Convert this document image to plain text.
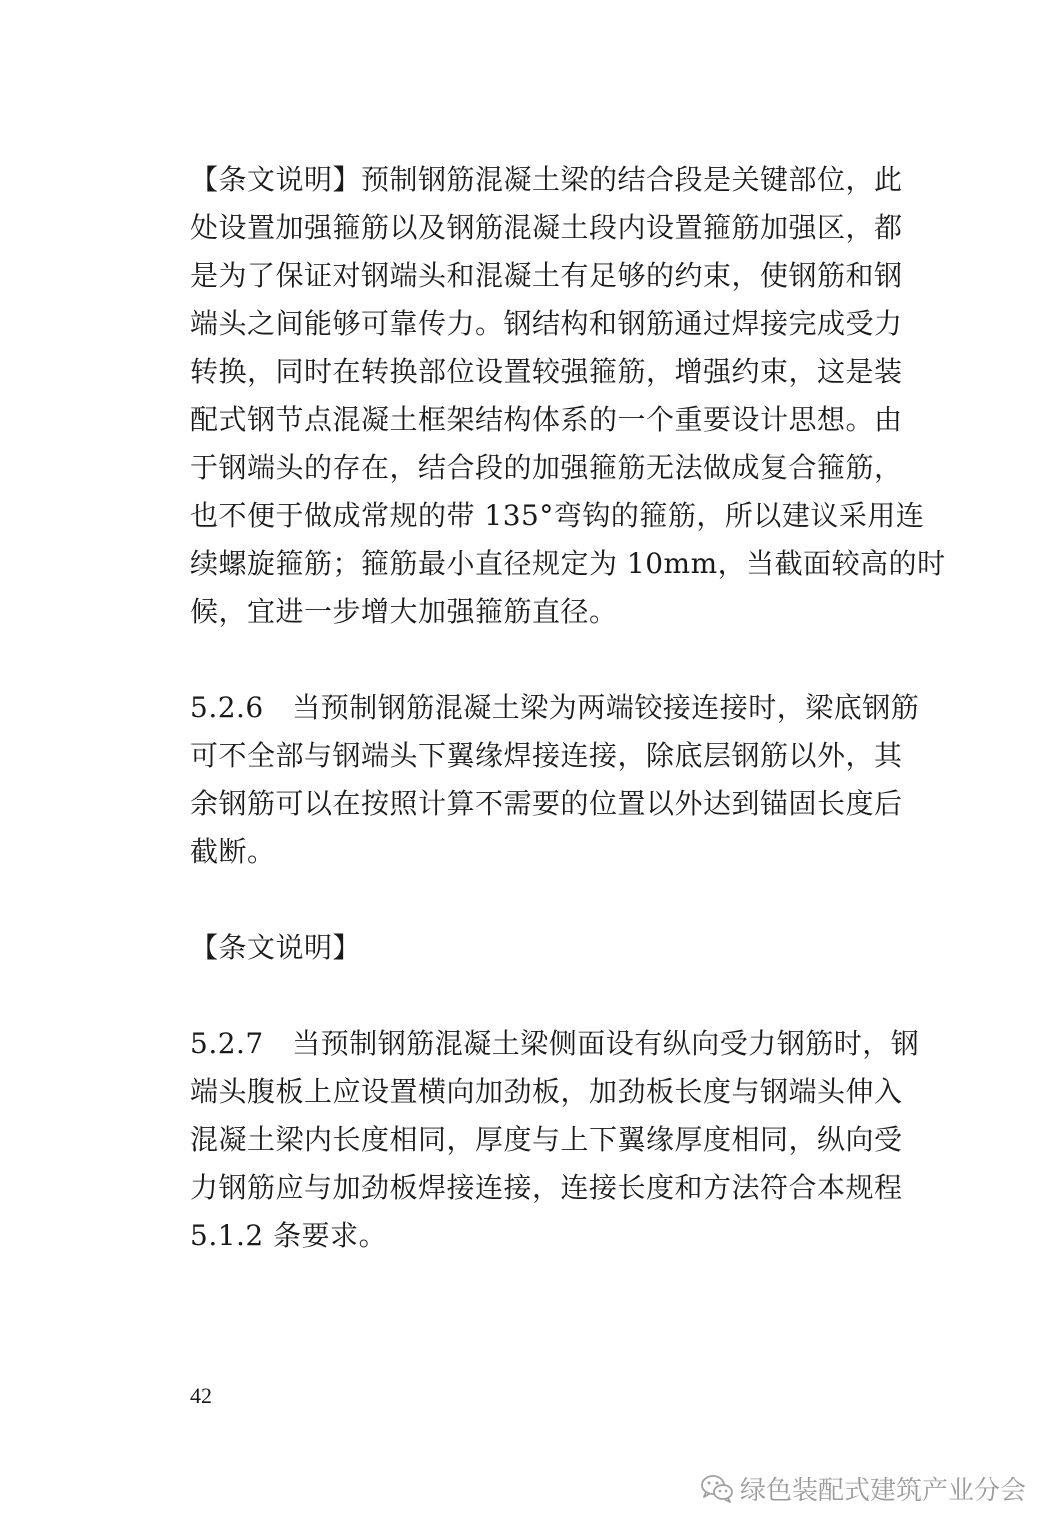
【条文说明】预制钢筋混凝土梁的结合段是关键部位，此
处设置加强箍筋以及钢筋混凝土段内设置箍筋加强区，都
是为了保证对钢端头和混凝土有足够的约束，使钢筋和钢
端头之间能够可靠传力。钢结构和钢筋通过焊接完成受力
转换，同时在转换部位设置较强箍筋，增强约束，这是装
配式钢节点混凝土框架结构体系的一个重要设计思想。由
于钢端头的存在，结合段的加强箍筋无法做成复合箍筋，
也不便于做成常规的带 135°弯钩的箍筋，所以建议采用连
续螺旋箍筋；箍筋最小直径规定为 10mm，当截面较高的时
候，宜进一步增大加强箍筋直径。
5.2.6　当预制钢筋混凝土梁为两端铰接连接时，梁底钢筋
可不全部与钢端头下翼缘焊接连接，除底层钢筋以外，其
余钢筋可以在按照计算不需要的位置以外达到锚固长度后
截断。
【条文说明】
5.2.7　当预制钢筋混凝土梁侧面设有纵向受力钢筋时，钢
端头腹板上应设置横向加劲板，加劲板长度与钢端头伸入
混凝土梁内长度相同，厚度与上下翼缘厚度相同，纵向受
力钢筋应与加劲板焊接连接，连接长度和方法符合本规程
5.1.2 条要求。
42
绿色装配式建筑产业分会
